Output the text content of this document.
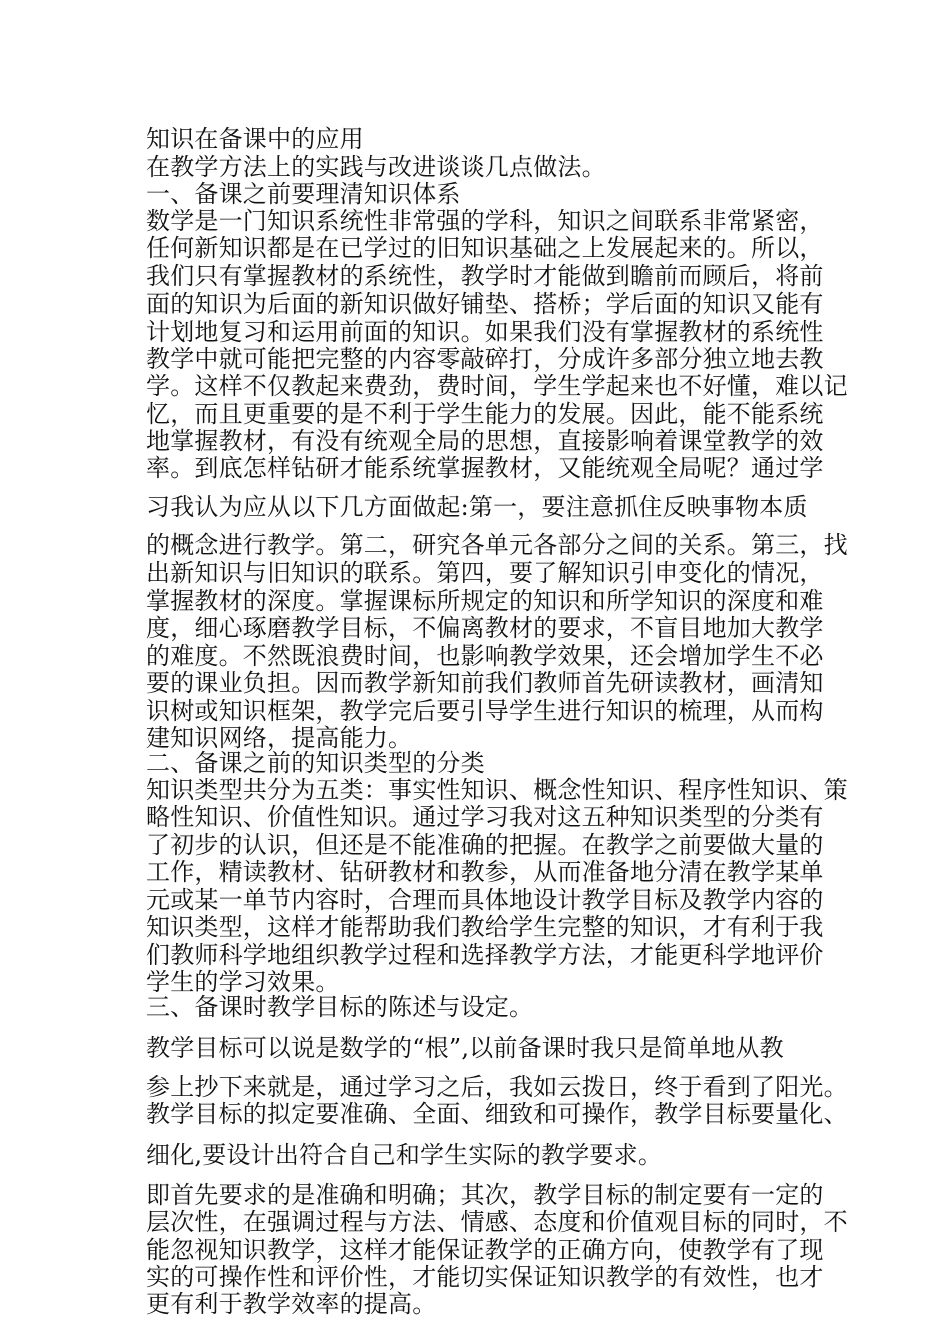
知识在备课中的应用
在教学方法上的实践与改进谈谈几点做法。
一、备课之前要理清知识体系
数学是一门知识系统性非常强的学科，知识之间联系非常紧密，
任何新知识都是在已学过的旧知识基础之上发展起来的。所以，
我们只有掌握教材的系统性，教学时才能做到瞻前而顾后，将前
面的知识为后面的新知识做好铺垫、搭桥；学后面的知识又能有
计划地复习和运用前面的知识。如果我们没有掌握教材的系统性
教学中就可能把完整的内容零敲碎打，分成许多部分独立地去教
学。这样不仅教起来费劲，费时间，学生学起来也不好懂，难以记
忆，而且更重要的是不利于学生能力的发展。因此，能不能系统
地掌握教材，有没有统观全局的思想，直接影响着课堂教学的效
率。到底怎样钻研才能系统掌握教材，又能统观全局呢？通过学
习我认为应从以下几方面做起:第一，要注意抓住反映事物本质
的概念进行教学。第二，研究各单元各部分之间的关系。第三，找
出新知识与旧知识的联系。第四，要了解知识引申变化的情况，
掌握教材的深度。掌握课标所规定的知识和所学知识的深度和难
度，细心琢磨教学目标，不偏离教材的要求，不盲目地加大教学
的难度。不然既浪费时间，也影响教学效果，还会增加学生不必
要的课业负担。因而教学新知前我们教师首先研读教材，画清知
识树或知识框架，教学完后要引导学生进行知识的梳理，从而构
建知识网络，提高能力。
二、备课之前的知识类型的分类
知识类型共分为五类：事实性知识、概念性知识、程序性知识、策
略性知识、价值性知识。通过学习我对这五种知识类型的分类有
了初步的认识，但还是不能准确的把握。在教学之前要做大量的
工作，精读教材、钻研教材和教参，从而准备地分清在教学某单
元或某一单节内容时，合理而具体地设计教学目标及教学内容的
知识类型，这样才能帮助我们教给学生完整的知识，才有利于我
们教师科学地组织教学过程和选择教学方法，才能更科学地评价
学生的学习效果。
三、备课时教学目标的陈述与设定。
教学目标可以说是数学的“根”,以前备课时我只是简单地从教
参上抄下来就是，通过学习之后，我如云拨日，终于看到了阳光。
教学目标的拟定要准确、全面、细致和可操作，教学目标要量化、
细化,要设计出符合自己和学生实际的教学要求。
即首先要求的是准确和明确；其次，教学目标的制定要有一定的
层次性，在强调过程与方法、情感、态度和价值观目标的同时，不
能忽视知识教学，这样才能保证教学的正确方向，使教学有了现
实的可操作性和评价性，才能切实保证知识教学的有效性，也才
更有利于教学效率的提高。
